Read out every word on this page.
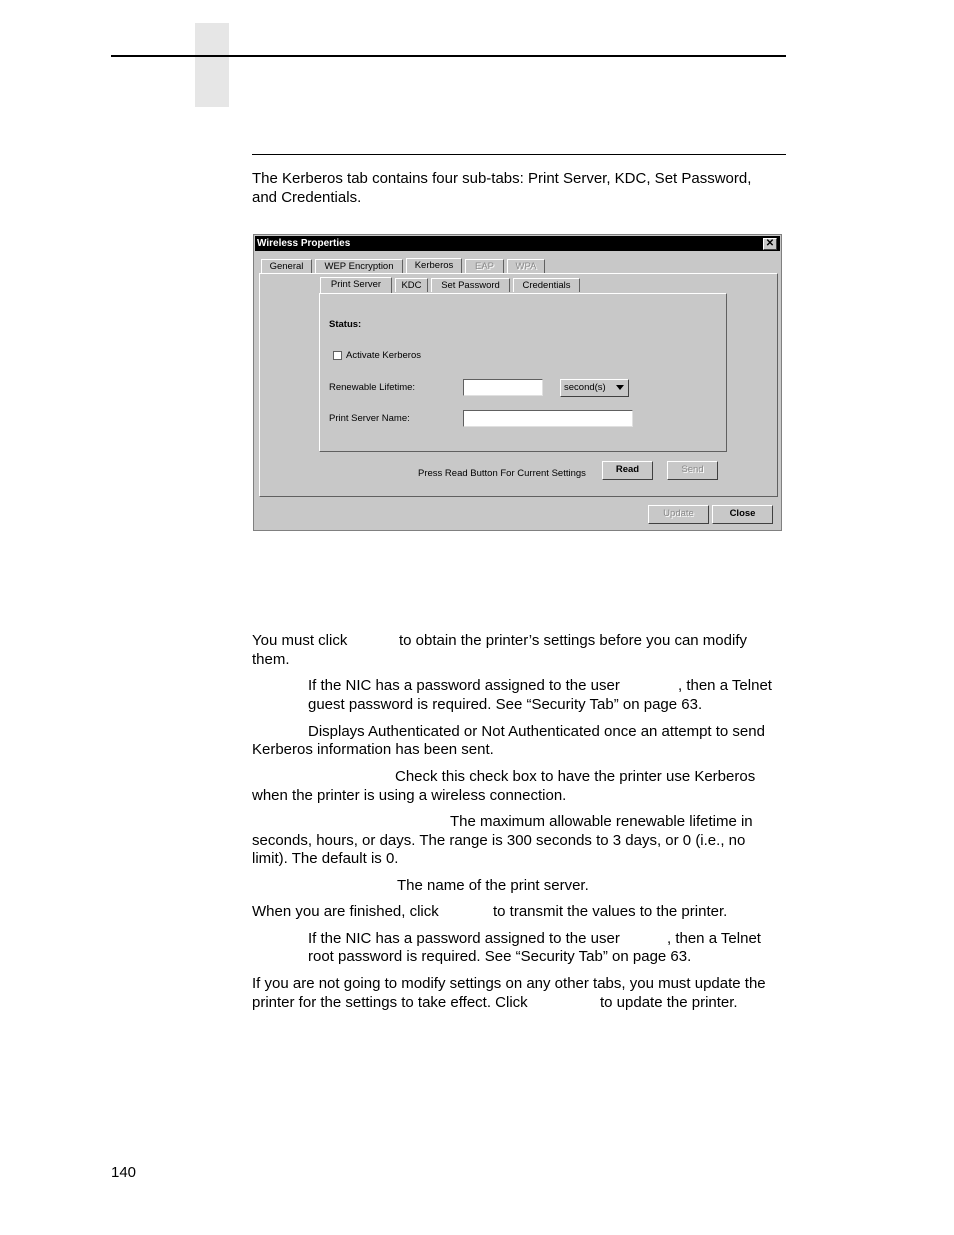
The Kerberos tab contains four sub-tabs: Print Server, KDC, Set Password,
and Credentials.
Wireless Properties	✕
General	WEP Encryption	Kerberos	EAP	WPA
Print Server	KDC	Set Password	Credentials
Status:
Activate Kerberos
Renewable Lifetime:	second(s)
Print Server Name:
Press Read Button For Current Settings	Read	Send
Update	Close
You must click	to obtain the printer’s settings before you can modify
them.
If the NIC has a password assigned to the user	, then a Telnet
guest password is required. See “Security Tab” on page 63.
Displays Authenticated or Not Authenticated once an attempt to send
Kerberos information has been sent.
Check this check box to have the printer use Kerberos
when the printer is using a wireless connection.
The maximum allowable renewable lifetime in
seconds, hours, or days. The range is 300 seconds to 3 days, or 0 (i.e., no
limit). The default is 0.
The name of the print server.
When you are finished, click	to transmit the values to the printer.
If the NIC has a password assigned to the user	, then a Telnet
root password is required. See “Security Tab” on page 63.
If you are not going to modify settings on any other tabs, you must update the
printer for the settings to take effect. Click	to update the printer.
140
